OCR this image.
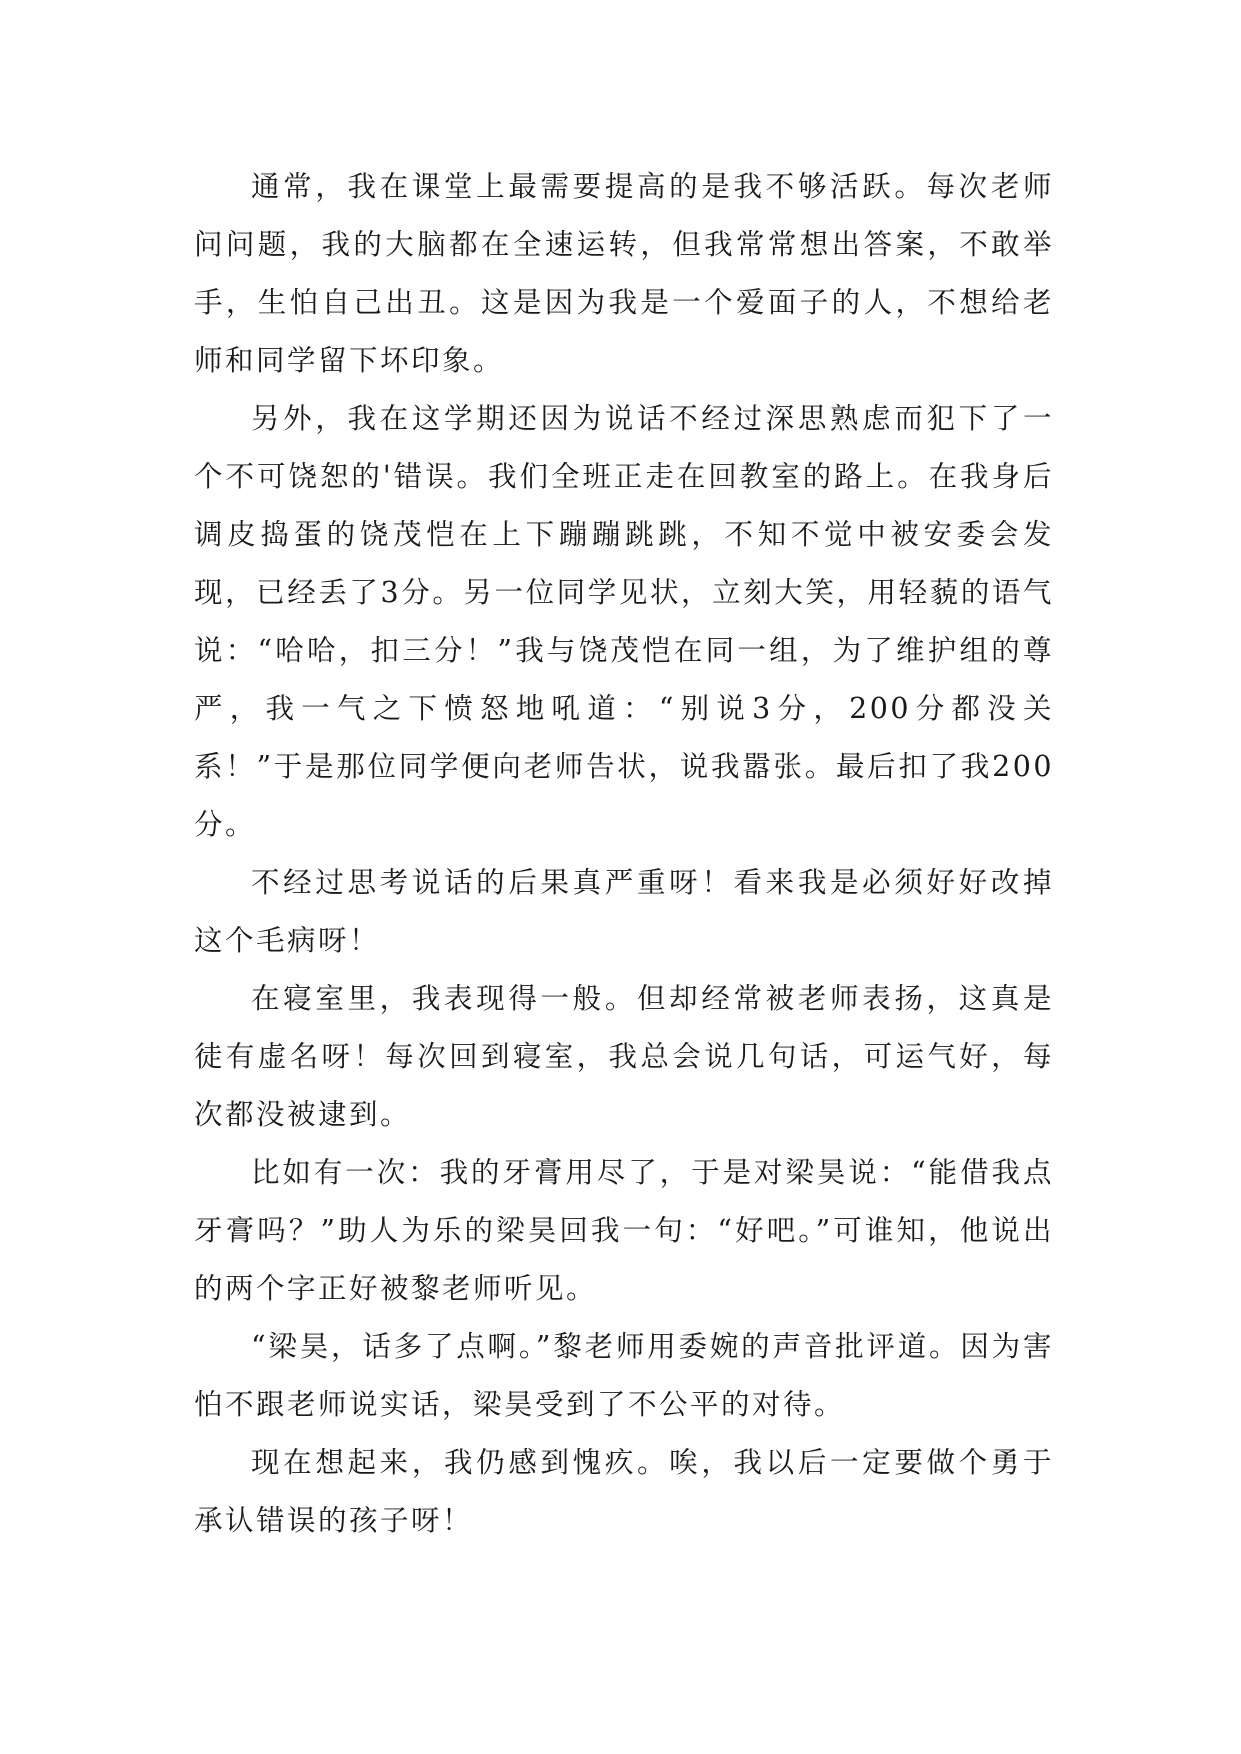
通常，我在课堂上最需要提高的是我不够活跃。每次老师问问题，我的大脑都在全速运转，但我常常想出答案，不敢举手，生怕自己出丑。这是因为我是一个爱面子的人，不想给老师和同学留下坏印象。

另外，我在这学期还因为说话不经过深思熟虑而犯下了一个不可饶恕的'错误。我们全班正走在回教室的路上。在我身后调皮捣蛋的饶茂恺在上下蹦蹦跳跳，不知不觉中被安委会发现，已经丢了3分。另一位同学见状，立刻大笑，用轻藐的语气说：“哈哈，扣三分！”我与饶茂恺在同一组，为了维护组的尊严，我一气之下愤怒地吼道：“别说3分，200分都没关系！”于是那位同学便向老师告状，说我嚣张。最后扣了我200分。

不经过思考说话的后果真严重呀！看来我是必须好好改掉这个毛病呀！

在寝室里，我表现得一般。但却经常被老师表扬，这真是徒有虚名呀！每次回到寝室，我总会说几句话，可运气好，每次都没被逮到。

比如有一次：我的牙膏用尽了，于是对梁昊说：“能借我点牙膏吗？”助人为乐的梁昊回我一句：“好吧。”可谁知，他说出的两个字正好被黎老师听见。

“梁昊，话多了点啊。”黎老师用委婉的声音批评道。因为害怕不跟老师说实话，梁昊受到了不公平的对待。

现在想起来，我仍感到愧疚。唉，我以后一定要做个勇于承认错误的孩子呀！
